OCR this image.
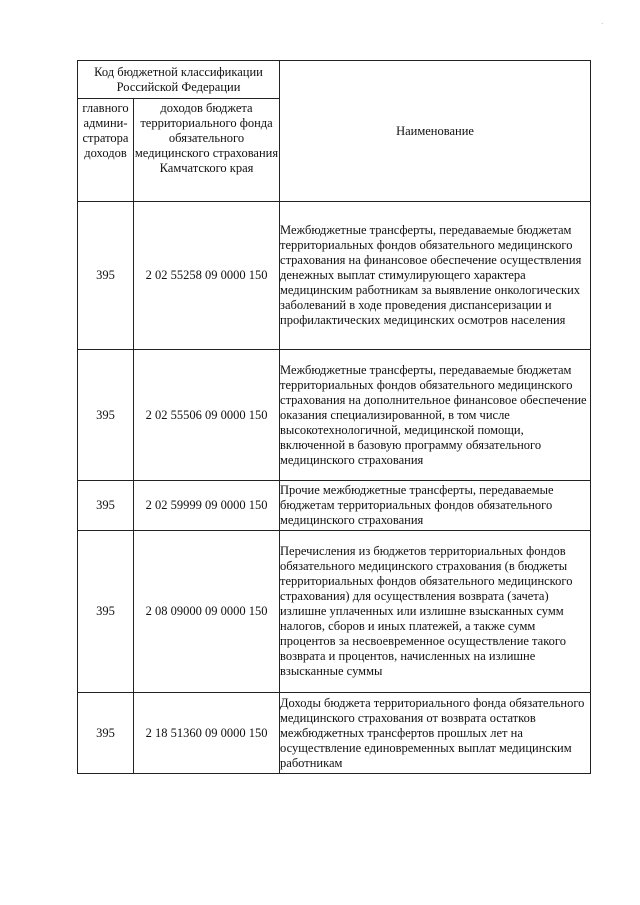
·
Код бюджетной классификации Российской Федерации		Наименование
главного админи-стратора доходов	доходов бюджета территориального фонда обязательного медицинского страхования Камчатского края	
395	2 02 55258 09 0000 150	Межбюджетные трансферты, передаваемые бюджетам территориальных фондов обязательного медицинского страхования на финансовое обеспечение осуществления денежных выплат стимулирующего характера медицинским работникам за выявление онкологических заболеваний в ходе проведения диспансеризации и профилактических медицинских осмотров населения
395	2 02 55506 09 0000 150	Межбюджетные трансферты, передаваемые бюджетам территориальных фондов обязательного медицинского страхования на дополнительное финансовое обеспечение оказания специализированной, в том числе высокотехнологичной, медицинской помощи, включенной в базовую программу обязательного медицинского страхования
395	2 02 59999 09 0000 150	Прочие межбюджетные трансферты, передаваемые бюджетам территориальных фондов обязательного медицинского страхования
395	2 08 09000 09 0000 150	Перечисления из бюджетов территориальных фондов обязательного медицинского страхования (в бюджеты территориальных фондов обязательного медицинского страхования) для осуществления возврата (зачета) излишне уплаченных или излишне взысканных сумм налогов, сборов и иных платежей, а также сумм процентов за несвоевременное осуществление такого возврата и процентов, начисленных на излишне взысканные суммы
395	2 18 51360 09 0000 150	Доходы бюджета территориального фонда обязательного медицинского страхования от возврата остатков межбюджетных трансфертов прошлых лет на осуществление единовременных выплат медицинским работникам
